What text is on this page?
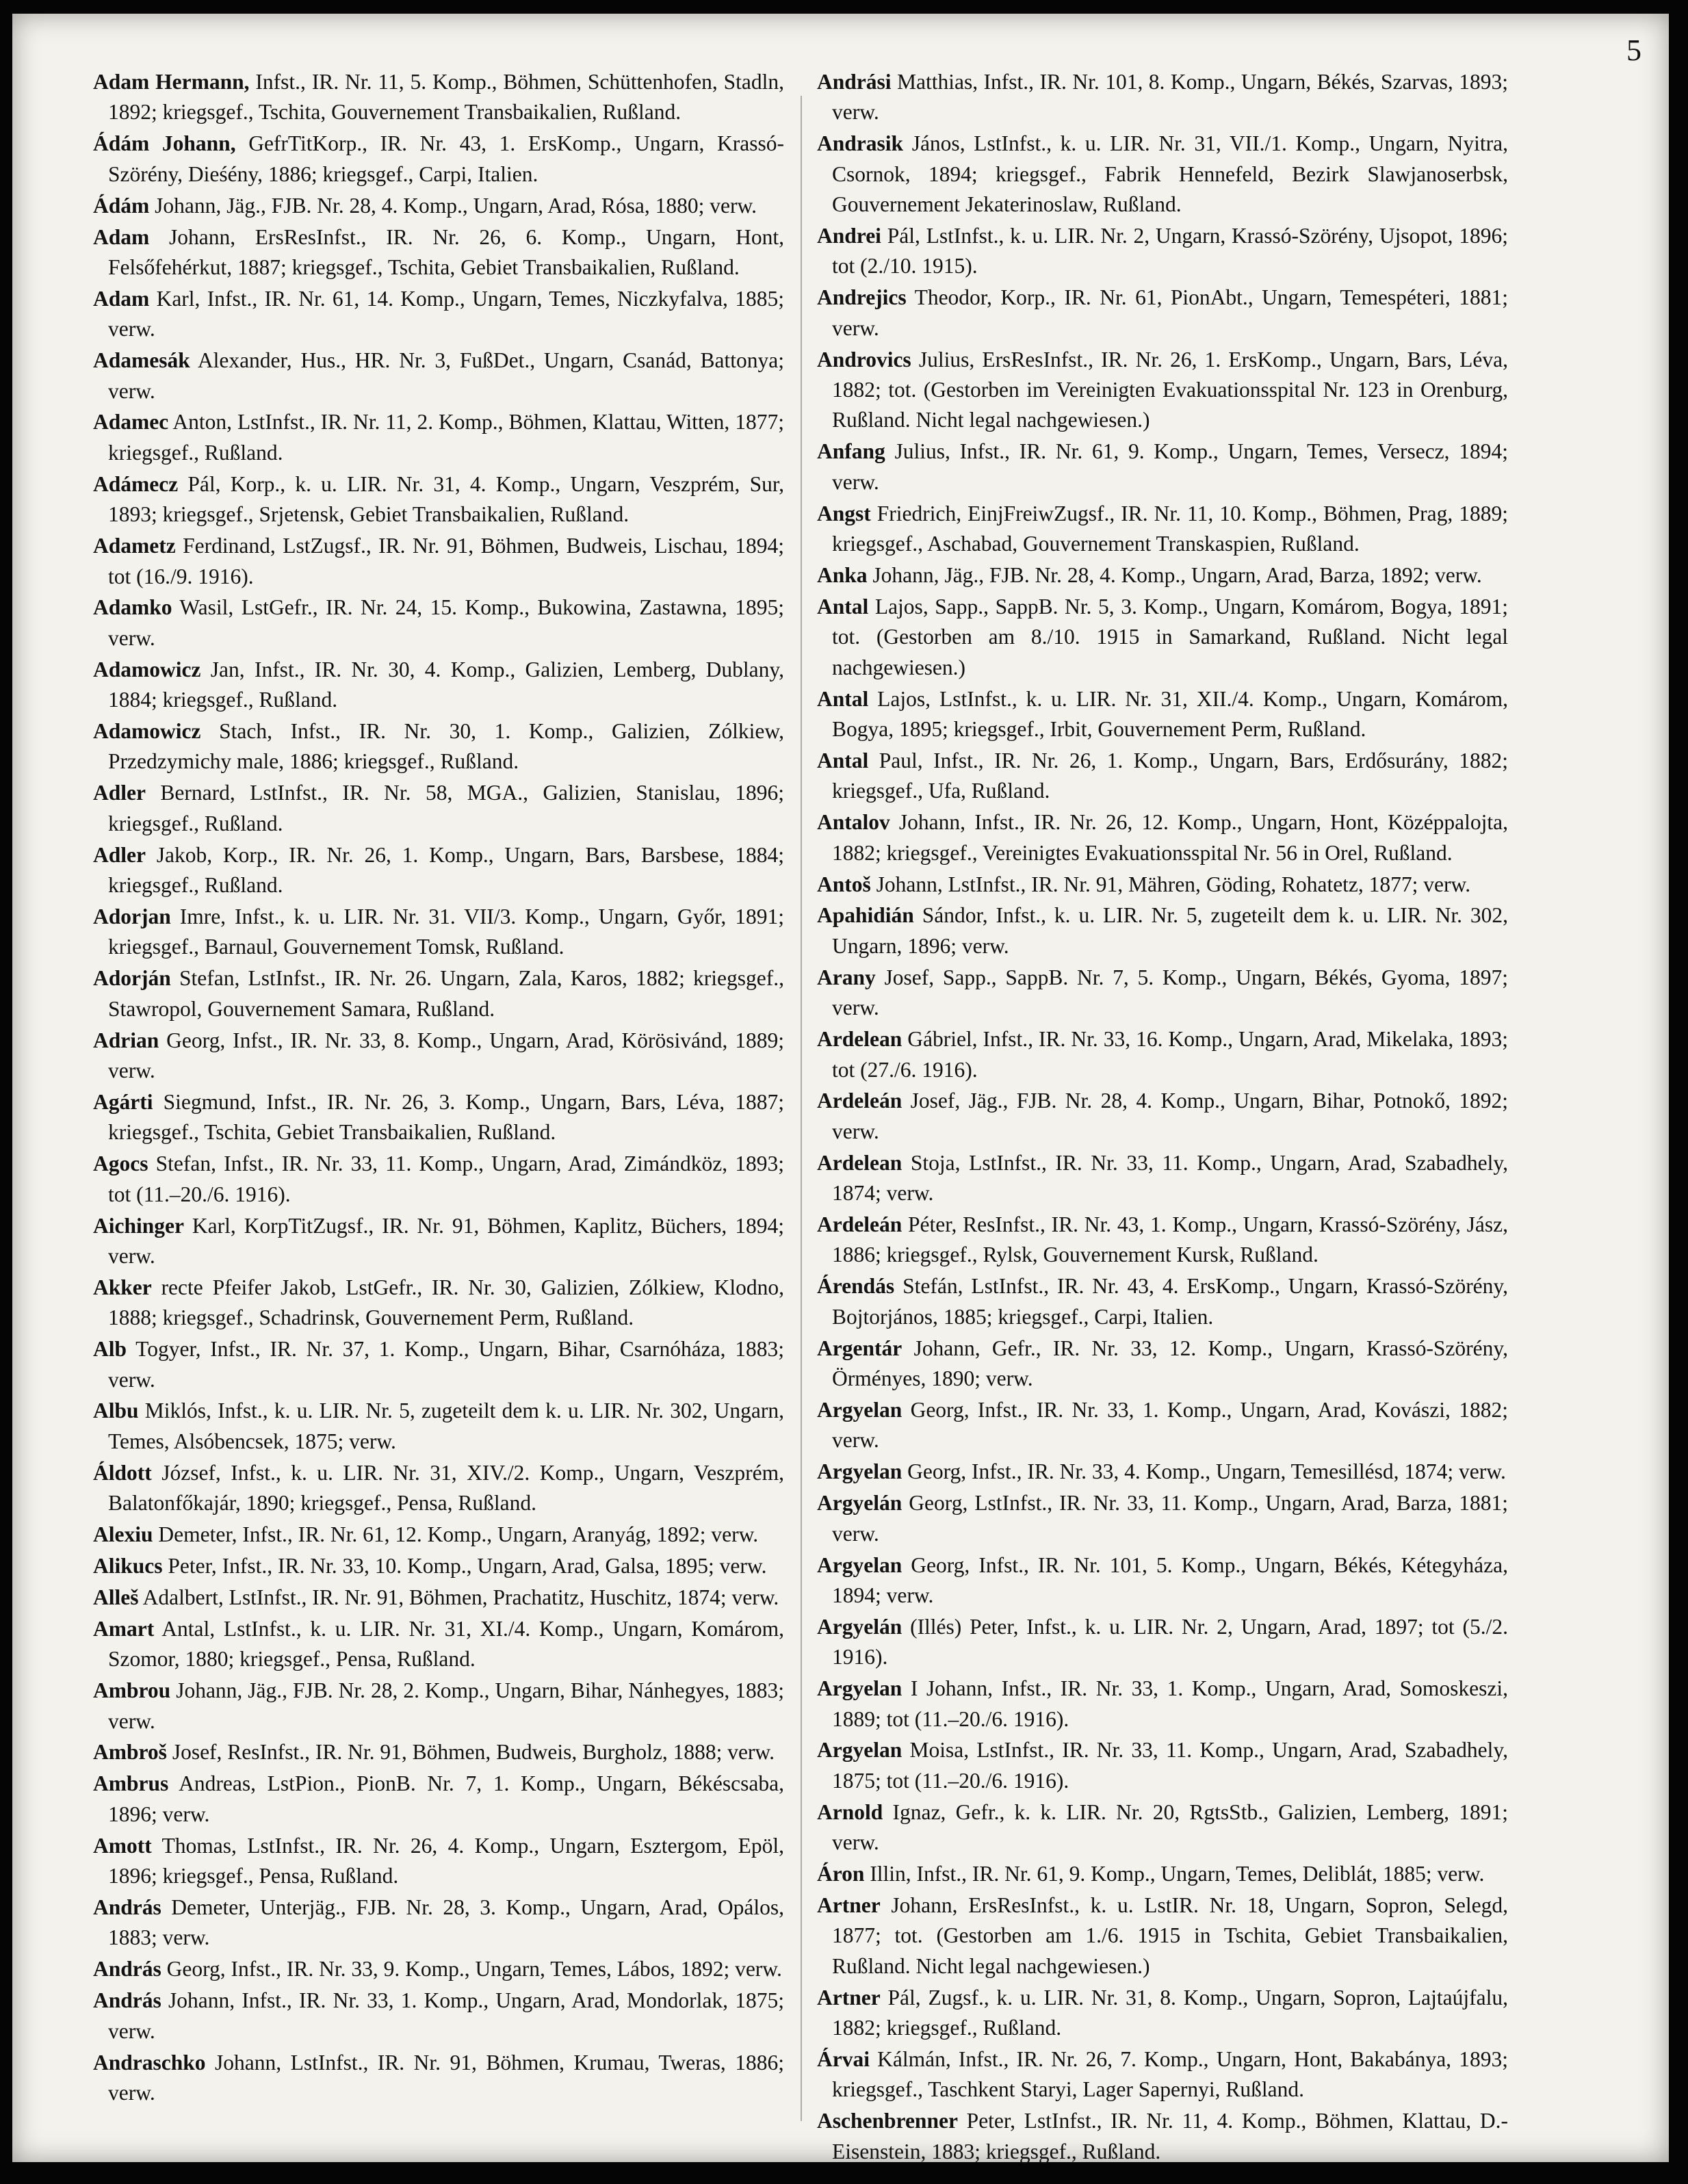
5

Adam Hermann, Infst., IR. Nr. 11, 5. Komp., Böhmen, Schüttenhofen, Stadln, 1892; kriegsgef., Tschita, Gouvernement Transbaikalien, Rußland.

Ádám Johann, GefrTitKorp., IR. Nr. 43, 1. ErsKomp., Ungarn, Krassó-Szörény, Dieśény, 1886; kriegsgef., Carpi, Italien.

Ádám Johann, Jäg., FJB. Nr. 28, 4. Komp., Ungarn, Arad, Rósa, 1880; verw.

Adam Johann, ErsResInfst., IR. Nr. 26, 6. Komp., Ungarn, Hont, Felsőfehérkut, 1887; kriegsgef., Tschita, Gebiet Transbaikalien, Rußland.

Adam Karl, Infst., IR. Nr. 61, 14. Komp., Ungarn, Temes, Niczkyfalva, 1885; verw.

Adamesák Alexander, Hus., HR. Nr. 3, FußDet., Ungarn, Csanád, Battonya; verw.

Adamec Anton, LstInfst., IR. Nr. 11, 2. Komp., Böhmen, Klattau, Witten, 1877; kriegsgef., Rußland.

Adámecz Pál, Korp., k. u. LIR. Nr. 31, 4. Komp., Ungarn, Veszprém, Sur, 1893; kriegsgef., Srjetensk, Gebiet Transbaikalien, Rußland.

Adametz Ferdinand, LstZugsf., IR. Nr. 91, Böhmen, Budweis, Lischau, 1894; tot (16./9. 1916).

Adamko Wasil, LstGefr., IR. Nr. 24, 15. Komp., Bukowina, Zastawna, 1895; verw.

Adamowicz Jan, Infst., IR. Nr. 30, 4. Komp., Galizien, Lemberg, Dublany, 1884; kriegsgef., Rußland.

Adamowicz Stach, Infst., IR. Nr. 30, 1. Komp., Galizien, Zólkiew, Przedzymichy male, 1886; kriegsgef., Rußland.

Adler Bernard, LstInfst., IR. Nr. 58, MGA., Galizien, Stanislau, 1896; kriegsgef., Rußland.

Adler Jakob, Korp., IR. Nr. 26, 1. Komp., Ungarn, Bars, Barsbese, 1884; kriegsgef., Rußland.

Adorjan Imre, Infst., k. u. LIR. Nr. 31. VII/3. Komp., Ungarn, Győr, 1891; kriegsgef., Barnaul, Gouvernement Tomsk, Rußland.

Adorján Stefan, LstInfst., IR. Nr. 26. Ungarn, Zala, Karos, 1882; kriegsgef., Stawropol, Gouvernement Samara, Rußland.

Adrian Georg, Infst., IR. Nr. 33, 8. Komp., Ungarn, Arad, Körösivánd, 1889; verw.

Agárti Siegmund, Infst., IR. Nr. 26, 3. Komp., Ungarn, Bars, Léva, 1887; kriegsgef., Tschita, Gebiet Transbaikalien, Rußland.

Agocs Stefan, Infst., IR. Nr. 33, 11. Komp., Ungarn, Arad, Zimándköz, 1893; tot (11.–20./6. 1916).

Aichinger Karl, KorpTitZugsf., IR. Nr. 91, Böhmen, Kaplitz, Büchers, 1894; verw.

Akker recte Pfeifer Jakob, LstGefr., IR. Nr. 30, Galizien, Zólkiew, Klodno, 1888; kriegsgef., Schadrinsk, Gouvernement Perm, Rußland.

Alb Togyer, Infst., IR. Nr. 37, 1. Komp., Ungarn, Bihar, Csarnóháza, 1883; verw.

Albu Miklós, Infst., k. u. LIR. Nr. 5, zugeteilt dem k. u. LIR. Nr. 302, Ungarn, Temes, Alsóbencsek, 1875; verw.

Áldott József, Infst., k. u. LIR. Nr. 31, XIV./2. Komp., Ungarn, Veszprém, Balatonfőkajár, 1890; kriegsgef., Pensa, Rußland.

Alexiu Demeter, Infst., IR. Nr. 61, 12. Komp., Ungarn, Aranyág, 1892; verw.

Alikucs Peter, Infst., IR. Nr. 33, 10. Komp., Ungarn, Arad, Galsa, 1895; verw.

Alleš Adalbert, LstInfst., IR. Nr. 91, Böhmen, Prachatitz, Huschitz, 1874; verw.

Amart Antal, LstInfst., k. u. LIR. Nr. 31, XI./4. Komp., Ungarn, Komárom, Szomor, 1880; kriegsgef., Pensa, Rußland.

Ambrou Johann, Jäg., FJB. Nr. 28, 2. Komp., Ungarn, Bihar, Nánhegyes, 1883; verw.

Ambroš Josef, ResInfst., IR. Nr. 91, Böhmen, Budweis, Burgholz, 1888; verw.

Ambrus Andreas, LstPion., PionB. Nr. 7, 1. Komp., Ungarn, Békéscsaba, 1896; verw.

Amott Thomas, LstInfst., IR. Nr. 26, 4. Komp., Ungarn, Esztergom, Epöl, 1896; kriegsgef., Pensa, Rußland.

András Demeter, Unterjäg., FJB. Nr. 28, 3. Komp., Ungarn, Arad, Opálos, 1883; verw.

András Georg, Infst., IR. Nr. 33, 9. Komp., Ungarn, Temes, Lábos, 1892; verw.

András Johann, Infst., IR. Nr. 33, 1. Komp., Ungarn, Arad, Mondorlak, 1875; verw.

Andraschko Johann, LstInfst., IR. Nr. 91, Böhmen, Krumau, Tweras, 1886; verw.

Andrási Matthias, Infst., IR. Nr. 101, 8. Komp., Ungarn, Békés, Szarvas, 1893; verw.

Andrasik János, LstInfst., k. u. LIR. Nr. 31, VII./1. Komp., Ungarn, Nyitra, Csornok, 1894; kriegsgef., Fabrik Hennefeld, Bezirk Slawjanoserbsk, Gouvernement Jekaterinoslaw, Rußland.

Andrei Pál, LstInfst., k. u. LIR. Nr. 2, Ungarn, Krassó-Szörény, Ujsopot, 1896; tot (2./10. 1915).

Andrejics Theodor, Korp., IR. Nr. 61, PionAbt., Ungarn, Temespéteri, 1881; verw.

Androvics Julius, ErsResInfst., IR. Nr. 26, 1. ErsKomp., Ungarn, Bars, Léva, 1882; tot. (Gestorben im Vereinigten Evakuationsspital Nr. 123 in Orenburg, Rußland. Nicht legal nachgewiesen.)

Anfang Julius, Infst., IR. Nr. 61, 9. Komp., Ungarn, Temes, Versecz, 1894; verw.

Angst Friedrich, EinjFreiwZugsf., IR. Nr. 11, 10. Komp., Böhmen, Prag, 1889; kriegsgef., Aschabad, Gouvernement Transkaspien, Rußland.

Anka Johann, Jäg., FJB. Nr. 28, 4. Komp., Ungarn, Arad, Barza, 1892; verw.

Antal Lajos, Sapp., SappB. Nr. 5, 3. Komp., Ungarn, Komárom, Bogya, 1891; tot. (Gestorben am 8./10. 1915 in Samarkand, Rußland. Nicht legal nachgewiesen.)

Antal Lajos, LstInfst., k. u. LIR. Nr. 31, XII./4. Komp., Ungarn, Komárom, Bogya, 1895; kriegsgef., Irbit, Gouvernement Perm, Rußland.

Antal Paul, Infst., IR. Nr. 26, 1. Komp., Ungarn, Bars, Erdősurány, 1882; kriegsgef., Ufa, Rußland.

Antalov Johann, Infst., IR. Nr. 26, 12. Komp., Ungarn, Hont, Középpalojta, 1882; kriegsgef., Vereinigtes Evakuationsspital Nr. 56 in Orel, Rußland.

Antoš Johann, LstInfst., IR. Nr. 91, Mähren, Göding, Rohatetz, 1877; verw.

Apahidián Sándor, Infst., k. u. LIR. Nr. 5, zugeteilt dem k. u. LIR. Nr. 302, Ungarn, 1896; verw.

Arany Josef, Sapp., SappB. Nr. 7, 5. Komp., Ungarn, Békés, Gyoma, 1897; verw.

Ardelean Gábriel, Infst., IR. Nr. 33, 16. Komp., Ungarn, Arad, Mikelaka, 1893; tot (27./6. 1916).

Ardeleán Josef, Jäg., FJB. Nr. 28, 4. Komp., Ungarn, Bihar, Potnokő, 1892; verw.

Ardelean Stoja, LstInfst., IR. Nr. 33, 11. Komp., Ungarn, Arad, Szabadhely, 1874; verw.

Ardeleán Péter, ResInfst., IR. Nr. 43, 1. Komp., Ungarn, Krassó-Szörény, Jász, 1886; kriegsgef., Rylsk, Gouvernement Kursk, Rußland.

Árendás Stefán, LstInfst., IR. Nr. 43, 4. ErsKomp., Ungarn, Krassó-Szörény, Bojtorjános, 1885; kriegsgef., Carpi, Italien.

Argentár Johann, Gefr., IR. Nr. 33, 12. Komp., Ungarn, Krassó-Szörény, Örményes, 1890; verw.

Argyelan Georg, Infst., IR. Nr. 33, 1. Komp., Ungarn, Arad, Kovászi, 1882; verw.

Argyelan Georg, Infst., IR. Nr. 33, 4. Komp., Ungarn, Temesillésd, 1874; verw.

Argyelán Georg, LstInfst., IR. Nr. 33, 11. Komp., Ungarn, Arad, Barza, 1881; verw.

Argyelan Georg, Infst., IR. Nr. 101, 5. Komp., Ungarn, Békés, Kétegyháza, 1894; verw.

Argyelán (Illés) Peter, Infst., k. u. LIR. Nr. 2, Ungarn, Arad, 1897; tot (5./2. 1916).

Argyelan I Johann, Infst., IR. Nr. 33, 1. Komp., Ungarn, Arad, Somoskeszi, 1889; tot (11.–20./6. 1916).

Argyelan Moisa, LstInfst., IR. Nr. 33, 11. Komp., Ungarn, Arad, Szabadhely, 1875; tot (11.–20./6. 1916).

Arnold Ignaz, Gefr., k. k. LIR. Nr. 20, RgtsStb., Galizien, Lemberg, 1891; verw.

Áron Illin, Infst., IR. Nr. 61, 9. Komp., Ungarn, Temes, Deliblát, 1885; verw.

Artner Johann, ErsResInfst., k. u. LstIR. Nr. 18, Ungarn, Sopron, Selegd, 1877; tot. (Gestorben am 1./6. 1915 in Tschita, Gebiet Transbaikalien, Rußland. Nicht legal nachgewiesen.)

Artner Pál, Zugsf., k. u. LIR. Nr. 31, 8. Komp., Ungarn, Sopron, Lajtaújfalu, 1882; kriegsgef., Rußland.

Árvai Kálmán, Infst., IR. Nr. 26, 7. Komp., Ungarn, Hont, Bakabánya, 1893; kriegsgef., Taschkent Staryi, Lager Sapernyi, Rußland.

Aschenbrenner Peter, LstInfst., IR. Nr. 11, 4. Komp., Böhmen, Klattau, D.-Eisenstein, 1883; kriegsgef., Rußland.
